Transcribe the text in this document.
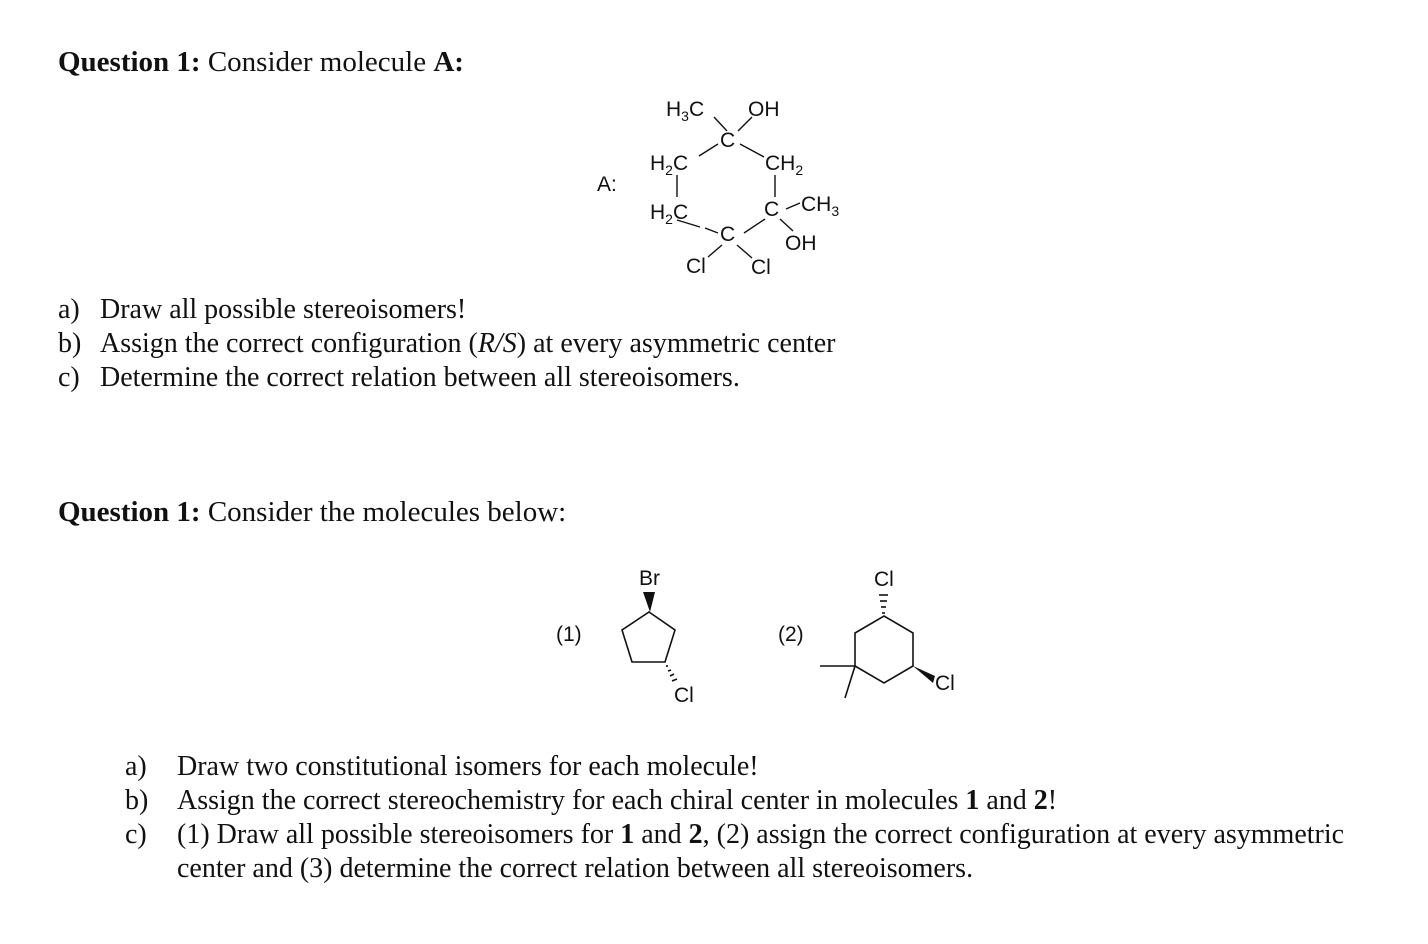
Question 1: Consider molecule A:
A:
$H_3C$ OH
C
$H_2C$	$CH_2$
$H_2C$	C $CH_3$
OH
C
Cl Cl
a) Draw all possible stereoisomers!
b) Assign the correct configuration (R/S) at every asymmetric center
c) Determine the correct relation between all stereoisomers.
Question 1: Consider the molecules below:
(1)
Br
Cl
(2)
Cl
Cl
a) Draw two constitutional isomers for each molecule!
b) Assign the correct stereochemistry for each chiral center in molecules 1 and 2!
c) (1) Draw all possible stereoisomers for 1 and 2, (2) assign the correct configuration at every asymmetric
center and (3) determine the correct relation between all stereoisomers.
